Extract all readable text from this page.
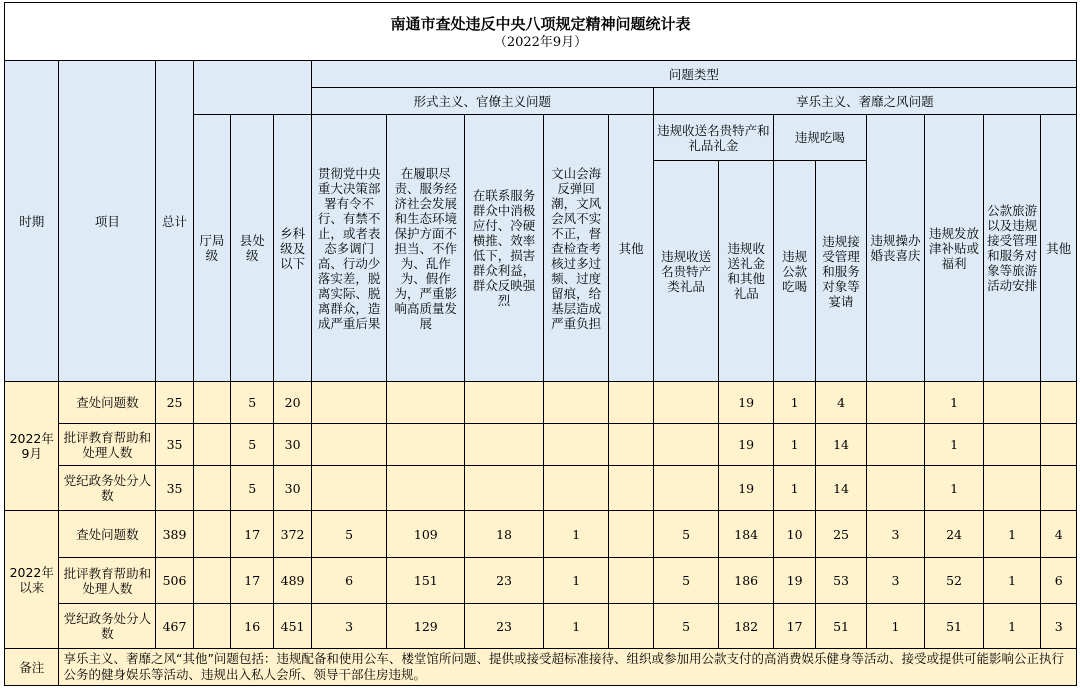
南通市查处违反中央八项规定精神问题统计表
（2022年9月）
时期	项目	总计				问题类型												
						形式主义、官僚主义问题					享乐主义、奢靡之风问题							
			厅局级	县处级	乡科级及以下	贯彻党中央重大决策部署有令不行、有禁不止，或者表态多调门高、行动少落实差，脱离实际、脱离群众，造成严重后果	在履职尽责、服务经济社会发展和生态环境保护方面不担当、不作为、乱作为、假作为，严重影响高质量发展	在联系服务群众中消极应付、冷硬横推、效率低下，损害群众利益，群众反映强烈	文山会海反弹回潮，文风会风不实不正，督查检查考核过多过频、过度留痕，给基层造成严重负担	其他	违规收送名贵特产和礼品礼金		违规吃喝		违规操办婚丧喜庆	违规发放津补贴或福利	公款旅游以及违规接受管理和服务对象等旅游活动安排	其他
											违规收送名贵特产类礼品	违规收送礼金和其他礼品	违规公款吃喝	违规接受管理和服务对象等宴请				
2022年9月	查处问题数	25		5	20							19	1	4		1		
	批评教育帮助和处理人数	35		5	30							19	1	14		1		
	党纪政务处分人数	35		5	30							19	1	14		1		
2022年以来	查处问题数	389		17	372	5	109	18	1		5	184	10	25	3	24	1	4
	批评教育帮助和处理人数	506		17	489	6	151	23	1		5	186	19	53	3	52	1	6
	党纪政务处分人数	467		16	451	3	129	23	1		5	182	17	51	1	51	1	3
备注	享乐主义、奢靡之风“其他”问题包括：违规配备和使用公车、楼堂馆所问题、提供或接受超标准接待、组织或参加用公款支付的高消费娱乐健身等活动、接受或提供可能影响公正执行公务的健身娱乐等活动、违规出入私人会所、领导干部住房违规。																	
